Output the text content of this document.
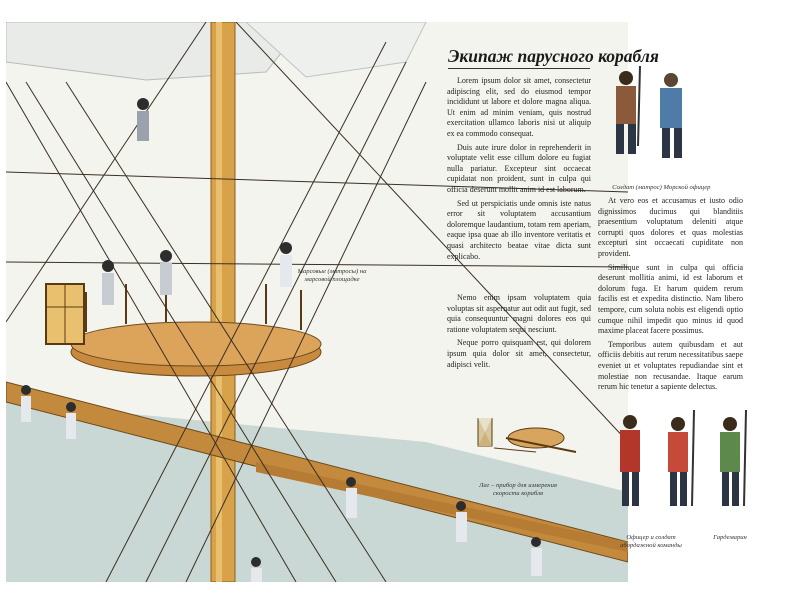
Марсовые (матросы) на марсовой площадке
Экипаж парусного корабля

Lorem ipsum dolor sit amet, consectetur adipiscing elit, sed do eiusmod tempor incididunt ut labore et dolore magna aliqua. Ut enim ad minim veniam, quis nostrud exercitation ullamco laboris nisi ut aliquip ex ea commodo consequat.

Duis aute irure dolor in reprehenderit in voluptate velit esse cillum dolore eu fugiat nulla pariatur. Excepteur sint occaecat cupidatat non proident, sunt in culpa qui officia deserunt mollit anim id est laborum.

Sed ut perspiciatis unde omnis iste natus error sit voluptatem accusantium doloremque laudantium, totam rem aperiam, eaque ipsa quae ab illo inventore veritatis et quasi architecto beatae vitae dicta sunt explicabo.

Nemo enim ipsam voluptatem quia voluptas sit aspernatur aut odit aut fugit, sed quia consequuntur magni dolores eos qui ratione voluptatem sequi nesciunt.

Neque porro quisquam est, qui dolorem ipsum quia dolor sit amet, consectetur, adipisci velit.

At vero eos et accusamus et iusto odio dignissimos ducimus qui blanditiis praesentium voluptatum deleniti atque corrupti quos dolores et quas molestias excepturi sint occaecati cupiditate non provident.

Similique sunt in culpa qui officia deserunt mollitia animi, id est laborum et dolorum fuga. Et harum quidem rerum facilis est et expedita distinctio. Nam libero tempore, cum soluta nobis est eligendi optio cumque nihil impedit quo minus id quod maxime placeat facere possimus.

Temporibus autem quibusdam et aut officiis debitis aut rerum necessitatibus saepe eveniet ut et voluptates repudiandae sint et molestiae non recusandae. Itaque earum rerum hic tenetur a sapiente delectus.

Солдат (матрос) Морской офицер
Лаг – прибор для измерения скорости корабля
Офицер и солдат абордажной команды
Гардемарин
